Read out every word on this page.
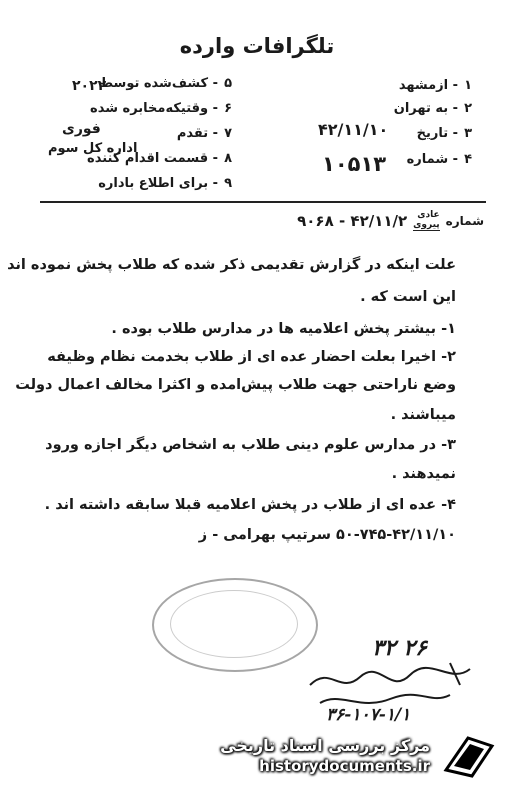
تلگرافات وارده
۱- ازمشهد
۲- به تهران
۳- تاریخ
۴- شماره
۴۲/۱۱/۱۰
۱۰۵۱۳
۵- کشف‌شده توسط
۶- وقتیکه‌مخابره شده
۷- تقدم
۸- قسمت اقدام کننده
۹- برای اطلاع باداره
۲۰۲۲
فوری
اداره کل سوم
شماره
عادی
پیروی
۴۲/۱۱/۲ - ۹۰۶۸
علت اینکه در گزارش تقدیمی ذکر شده که طلاب پخش نموده اند
این است که .
۱- بیشتر پخش اعلامیه ها در مدارس طلاب بوده .
۲- اخیرا بعلت احضار عده ای از طلاب بخدمت نظام وظیفه
وضع ناراحتی جهت طلاب پیش‌امده و اکثرا مخالف اعمال دولت
میباشند .
۳- در مدارس علوم دینی طلاب به اشخاص دیگر اجازه ورود
نمیدهند .
۴- عده ای از طلاب در پخش اعلامیه قبلا سابقه داشته اند .
۵۰-۷۴۵-۴۲/۱۱/۱۰ سرتیپ بهرامی - ز
۳۲ ۲۶
۳۶-۱۰۷-۱/۱
مرکز بررسی اسناد تاریخی
historydocuments.ir
